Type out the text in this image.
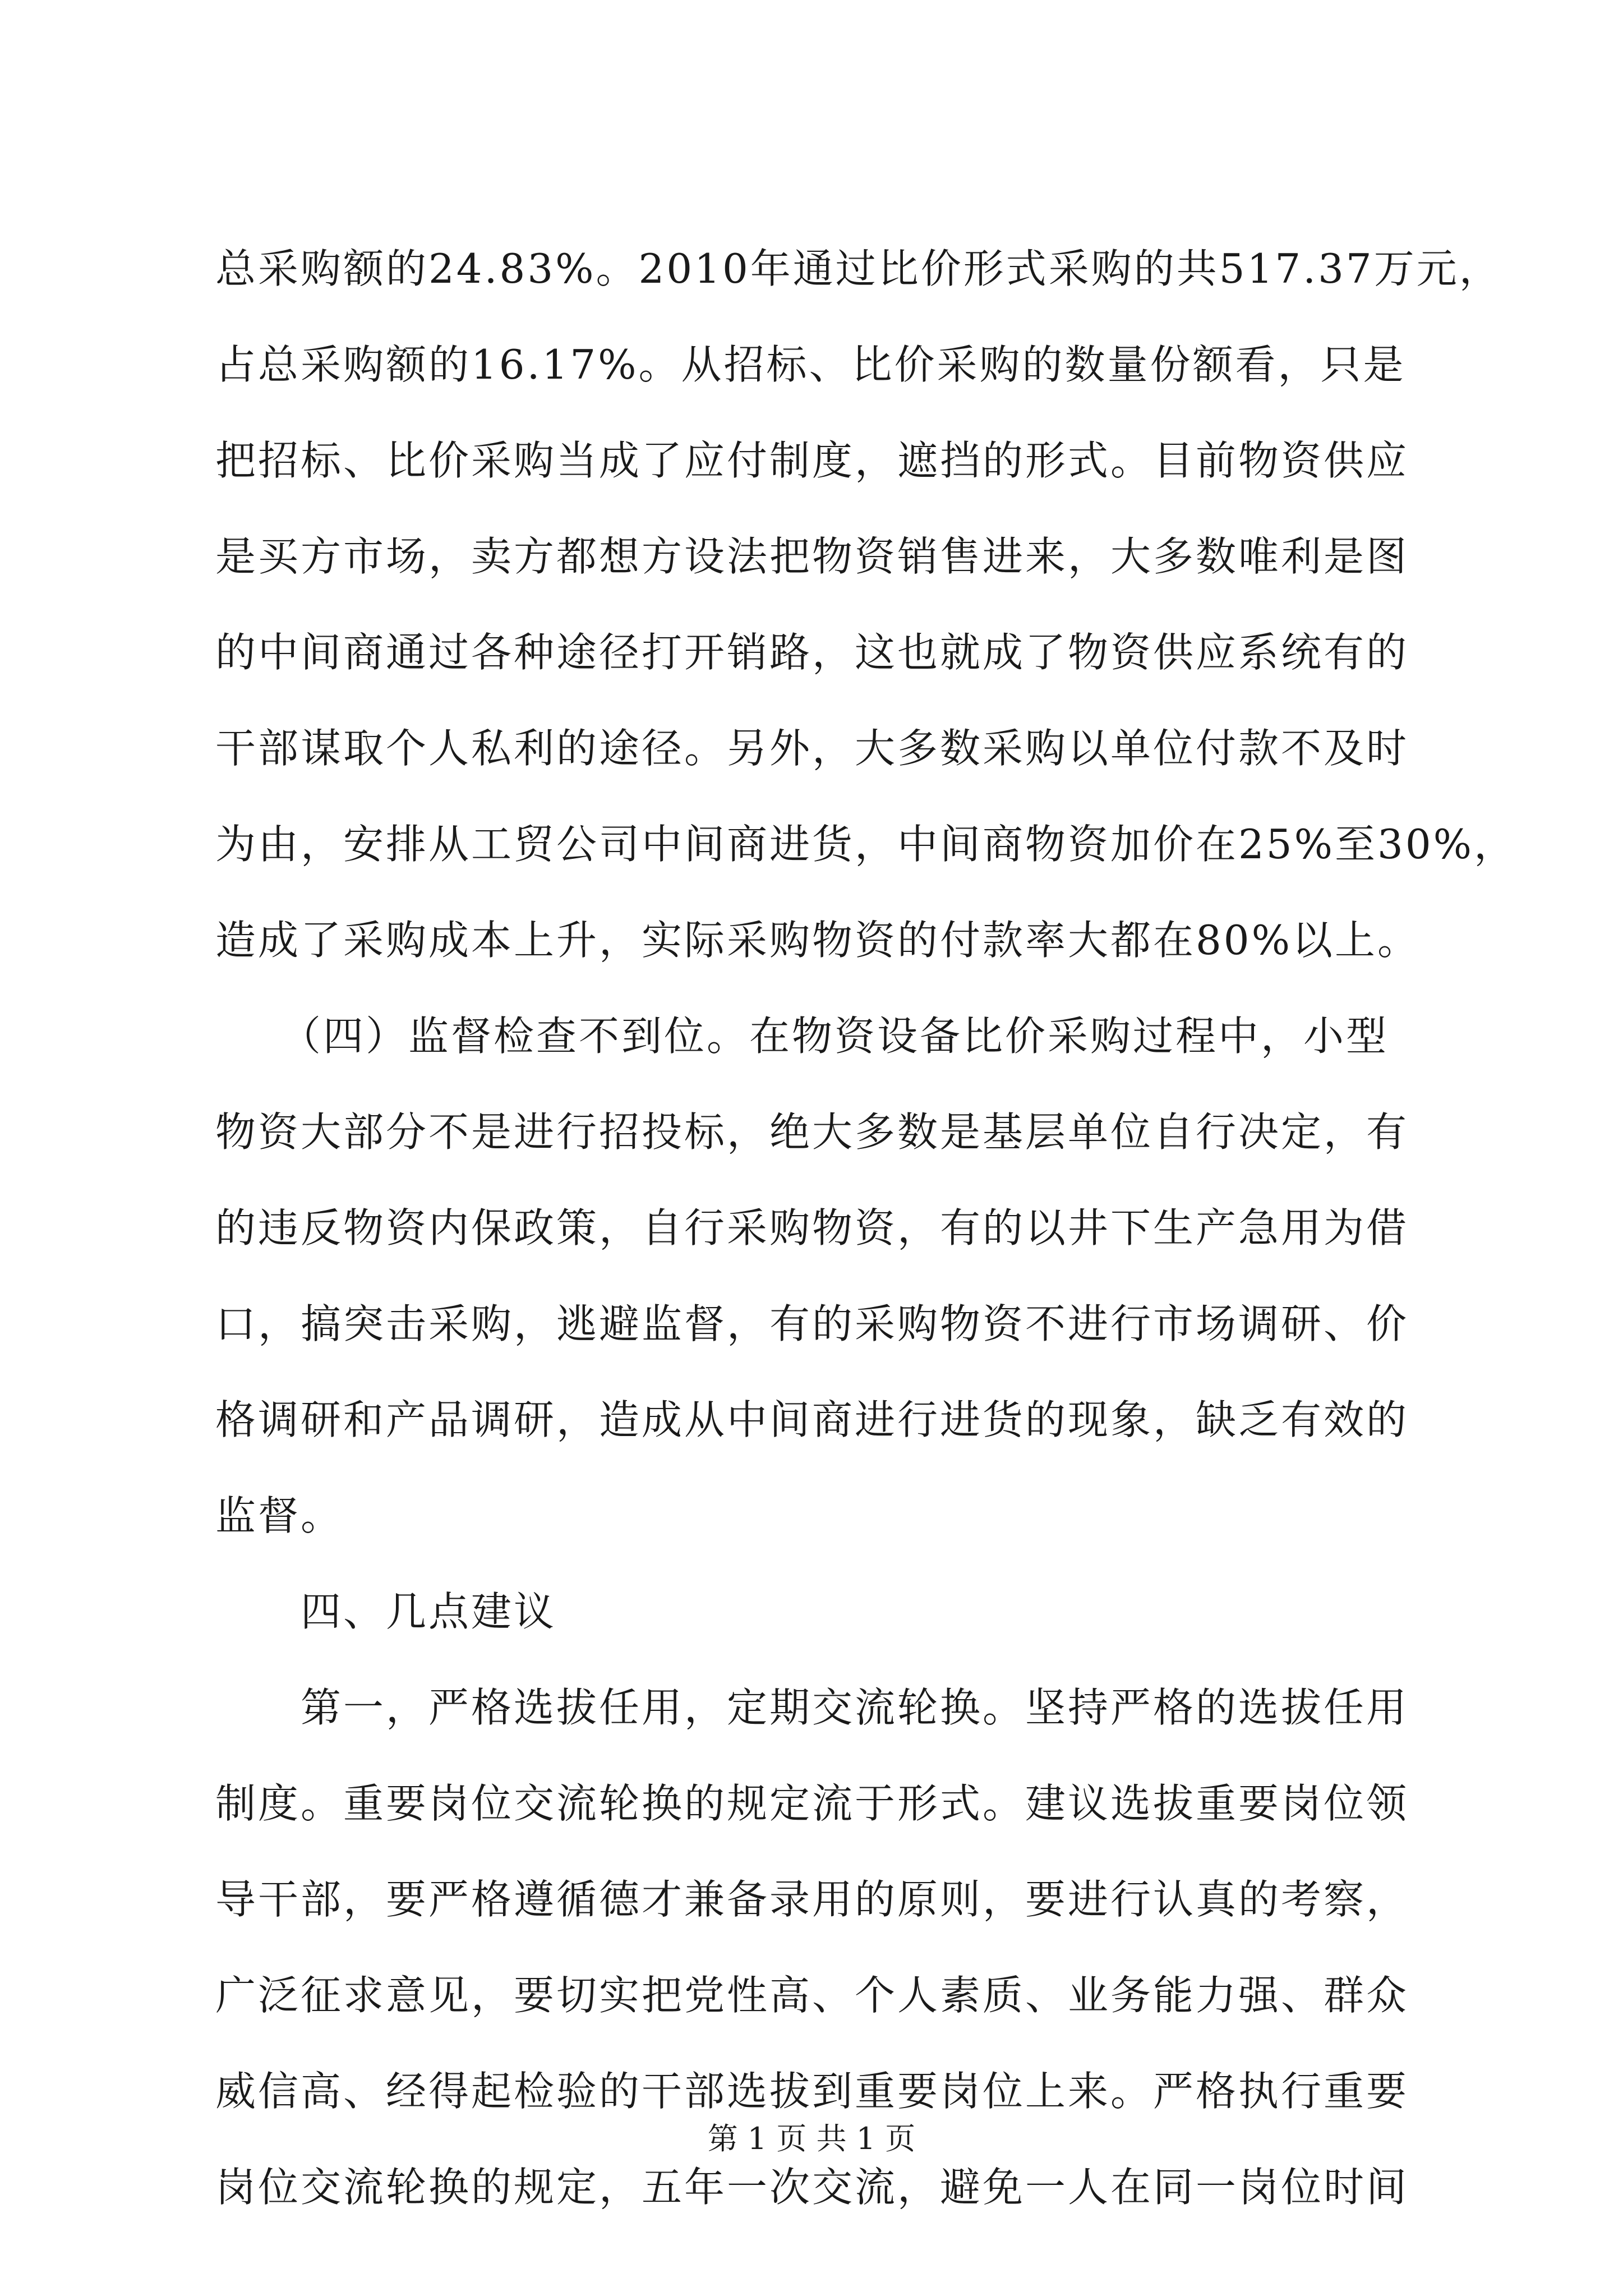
总采购额的24.83%。2010年通过比价形式采购的共517.37万元，
占总采购额的16.17%。从招标、比价采购的数量份额看，只是
把招标、比价采购当成了应付制度，遮挡的形式。目前物资供应
是买方市场，卖方都想方设法把物资销售进来，大多数唯利是图
的中间商通过各种途径打开销路，这也就成了物资供应系统有的
干部谋取个人私利的途径。另外，大多数采购以单位付款不及时
为由，安排从工贸公司中间商进货，中间商物资加价在25%至30%，
造成了采购成本上升，实际采购物资的付款率大都在80%以上。
　　（四）监督检查不到位。在物资设备比价采购过程中，小型
物资大部分不是进行招投标，绝大多数是基层单位自行决定，有
的违反物资内保政策，自行采购物资，有的以井下生产急用为借
口，搞突击采购，逃避监督，有的采购物资不进行市场调研、价
格调研和产品调研，造成从中间商进行进货的现象，缺乏有效的
监督。
　　四、几点建议
　　第一，严格选拔任用，定期交流轮换。坚持严格的选拔任用
制度。重要岗位交流轮换的规定流于形式。建议选拔重要岗位领
导干部，要严格遵循德才兼备录用的原则，要进行认真的考察，
广泛征求意见，要切实把党性高、个人素质、业务能力强、群众
威信高、经得起检验的干部选拔到重要岗位上来。严格执行重要
岗位交流轮换的规定，五年一次交流，避免一人在同一岗位时间
第 1 页 共 1 页
